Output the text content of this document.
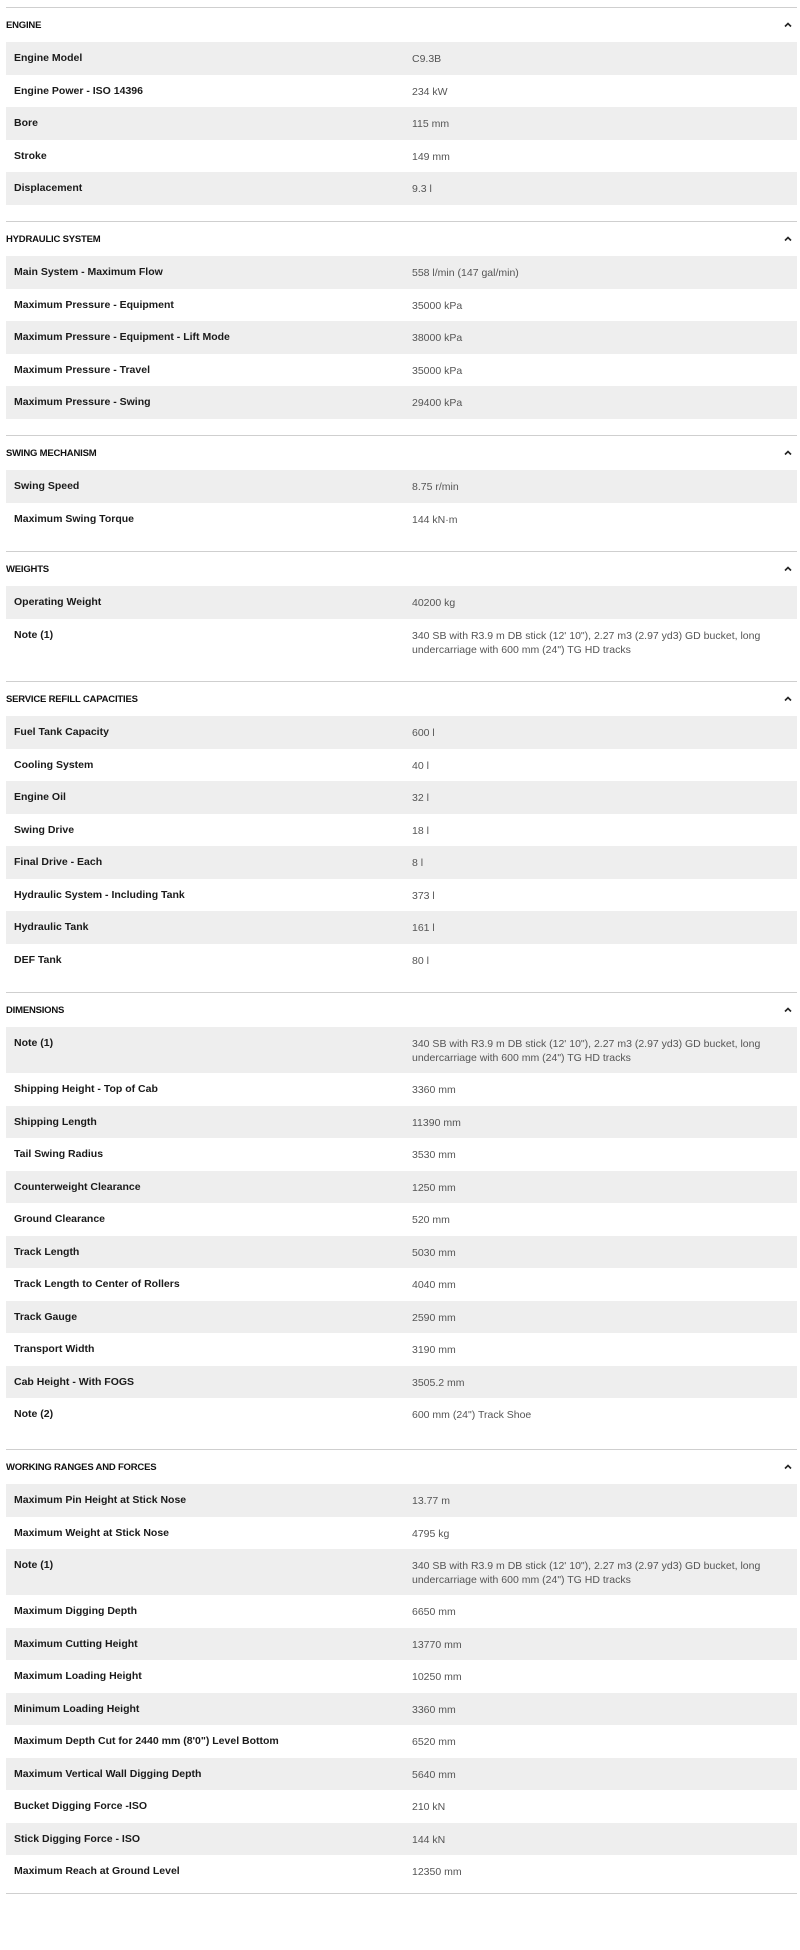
ENGINE
Engine Model	C9.3B
Engine Power - ISO 14396	234 kW
Bore	115 mm
Stroke	149 mm
Displacement	9.3 l
HYDRAULIC SYSTEM
Main System - Maximum Flow	558 l/min (147 gal/min)
Maximum Pressure - Equipment	35000 kPa
Maximum Pressure - Equipment - Lift Mode	38000 kPa
Maximum Pressure - Travel	35000 kPa
Maximum Pressure - Swing	29400 kPa
SWING MECHANISM
Swing Speed	8.75 r/min
Maximum Swing Torque	144 kN·m
WEIGHTS
Operating Weight	40200 kg
Note (1)	340 SB with R3.9 m DB stick (12' 10"), 2.27 m3 (2.97 yd3) GD bucket, long undercarriage with 600 mm (24") TG HD tracks
SERVICE REFILL CAPACITIES
Fuel Tank Capacity	600 l
Cooling System	40 l
Engine Oil	32 l
Swing Drive	18 l
Final Drive - Each	8 l
Hydraulic System - Including Tank	373 l
Hydraulic Tank	161 l
DEF Tank	80 l
DIMENSIONS
Note (1)	340 SB with R3.9 m DB stick (12' 10"), 2.27 m3 (2.97 yd3) GD bucket, long undercarriage with 600 mm (24") TG HD tracks
Shipping Height - Top of Cab	3360 mm
Shipping Length	11390 mm
Tail Swing Radius	3530 mm
Counterweight Clearance	1250 mm
Ground Clearance	520 mm
Track Length	5030 mm
Track Length to Center of Rollers	4040 mm
Track Gauge	2590 mm
Transport Width	3190 mm
Cab Height - With FOGS	3505.2 mm
Note (2)	600 mm (24") Track Shoe
WORKING RANGES AND FORCES
Maximum Pin Height at Stick Nose	13.77 m
Maximum Weight at Stick Nose	4795 kg
Note (1)	340 SB with R3.9 m DB stick (12' 10"), 2.27 m3 (2.97 yd3) GD bucket, long undercarriage with 600 mm (24") TG HD tracks
Maximum Digging Depth	6650 mm
Maximum Cutting Height	13770 mm
Maximum Loading Height	10250 mm
Minimum Loading Height	3360 mm
Maximum Depth Cut for 2440 mm (8'0") Level Bottom	6520 mm
Maximum Vertical Wall Digging Depth	5640 mm
Bucket Digging Force -ISO	210 kN
Stick Digging Force - ISO	144 kN
Maximum Reach at Ground Level	12350 mm
